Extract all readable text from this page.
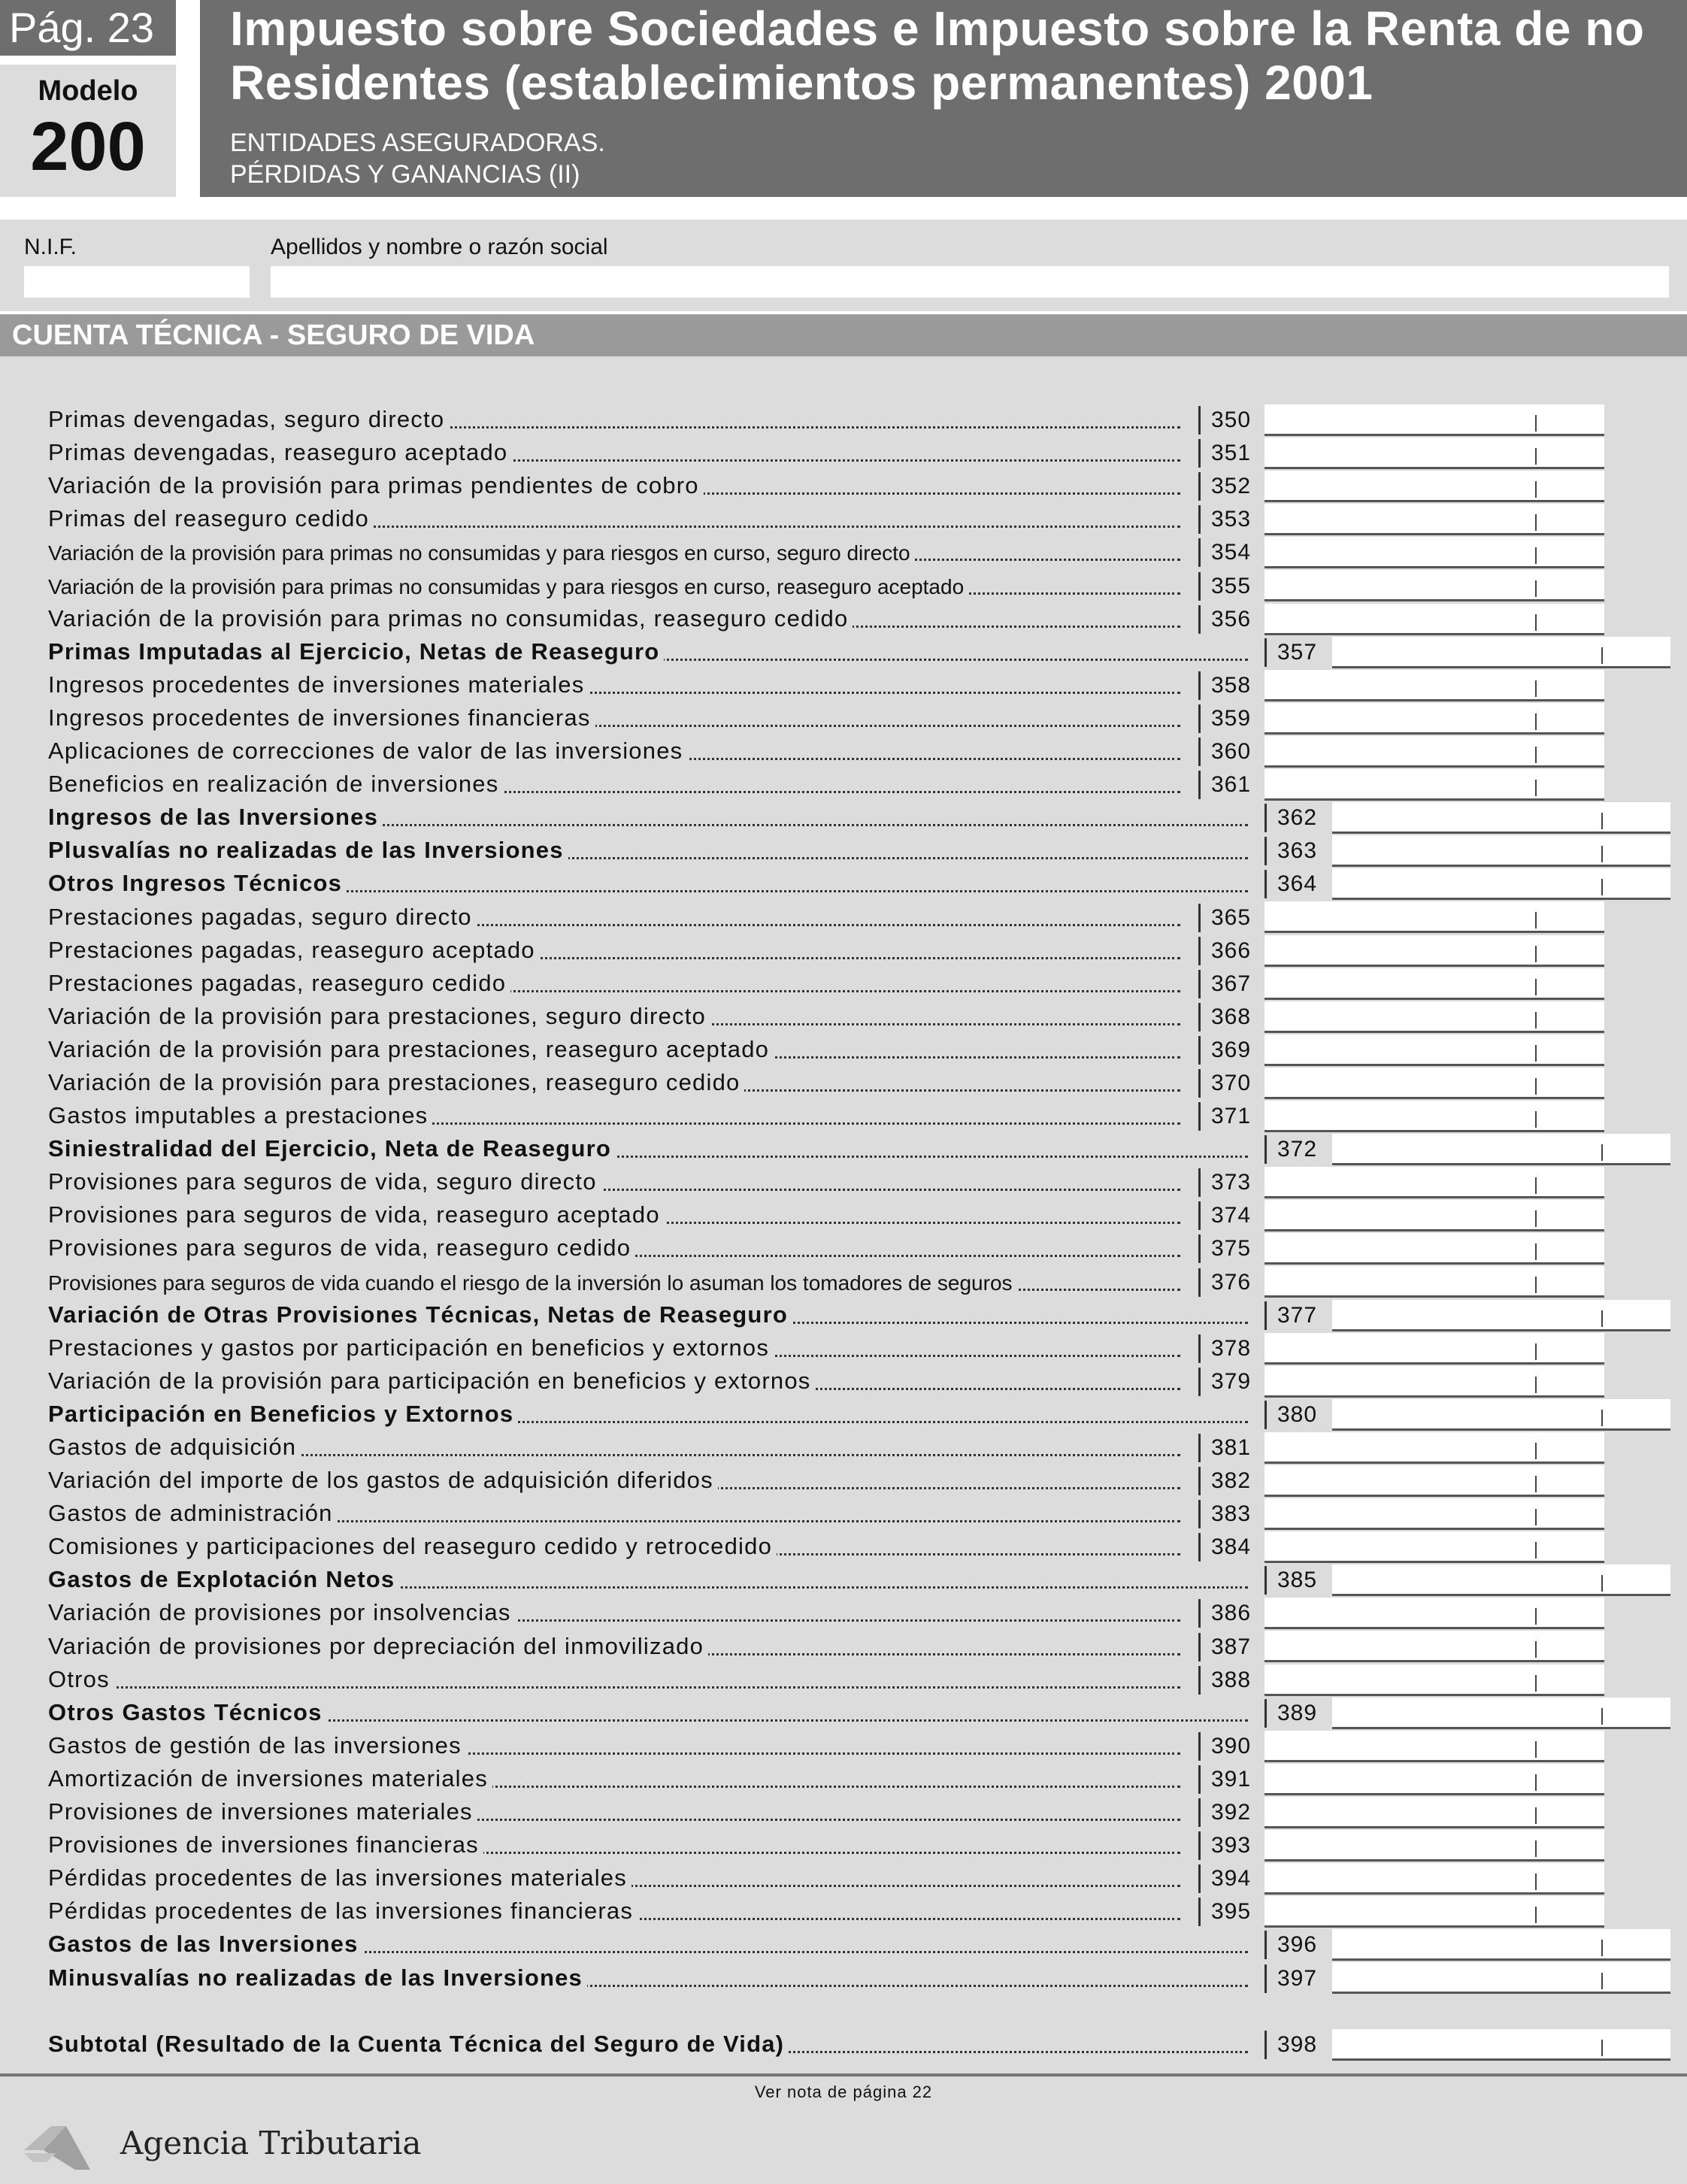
Pág. 23
Modelo
200
Impuesto sobre Sociedades e Impuesto sobre la Renta de no
Residentes (establecimientos permanentes) 2001
ENTIDADES ASEGURADORAS.
PÉRDIDAS Y GANANCIAS (II)
N.I.F.	Apellidos y nombre o razón social
CUENTA TÉCNICA - SEGURO DE VIDA
Primas devengadas, seguro directo	350
Primas devengadas, reaseguro aceptado	351
Variación de la provisión para primas pendientes de cobro	352
Primas del reaseguro cedido	353
Variación de la provisión para primas no consumidas y para riesgos en curso, seguro directo	354
Variación de la provisión para primas no consumidas y para riesgos en curso, reaseguro aceptado	355
Variación de la provisión para primas no consumidas, reaseguro cedido	356
Primas Imputadas al Ejercicio, Netas de Reaseguro	357
Ingresos procedentes de inversiones materiales	358
Ingresos procedentes de inversiones financieras	359
Aplicaciones de correcciones de valor de las inversiones	360
Beneficios en realización de inversiones	361
Ingresos de las Inversiones	362
Plusvalías no realizadas de las Inversiones	363
Otros Ingresos Técnicos	364
Prestaciones pagadas, seguro directo	365
Prestaciones pagadas, reaseguro aceptado	366
Prestaciones pagadas, reaseguro cedido	367
Variación de la provisión para prestaciones, seguro directo	368
Variación de la provisión para prestaciones, reaseguro aceptado	369
Variación de la provisión para prestaciones, reaseguro cedido	370
Gastos imputables a prestaciones	371
Siniestralidad del Ejercicio, Neta de Reaseguro	372
Provisiones para seguros de vida, seguro directo	373
Provisiones para seguros de vida, reaseguro aceptado	374
Provisiones para seguros de vida, reaseguro cedido	375
Provisiones para seguros de vida cuando el riesgo de la inversión lo asuman los tomadores de seguros	376
Variación de Otras Provisiones Técnicas, Netas de Reaseguro	377
Prestaciones y gastos por participación en beneficios y extornos	378
Variación de la provisión para participación en beneficios y extornos	379
Participación en Beneficios y Extornos	380
Gastos de adquisición	381
Variación del importe de los gastos de adquisición diferidos	382
Gastos de administración	383
Comisiones y participaciones del reaseguro cedido y retrocedido	384
Gastos de Explotación Netos	385
Variación de provisiones por insolvencias	386
Variación de provisiones por depreciación del inmovilizado	387
Otros	388
Otros Gastos Técnicos	389
Gastos de gestión de las inversiones	390
Amortización de inversiones materiales	391
Provisiones de inversiones materiales	392
Provisiones de inversiones financieras	393
Pérdidas procedentes de las inversiones materiales	394
Pérdidas procedentes de las inversiones financieras	395
Gastos de las Inversiones	396
Minusvalías no realizadas de las Inversiones	397
Subtotal (Resultado de la Cuenta Técnica del Seguro de Vida)	398
Ver nota de página 22
Agencia Tributaria
